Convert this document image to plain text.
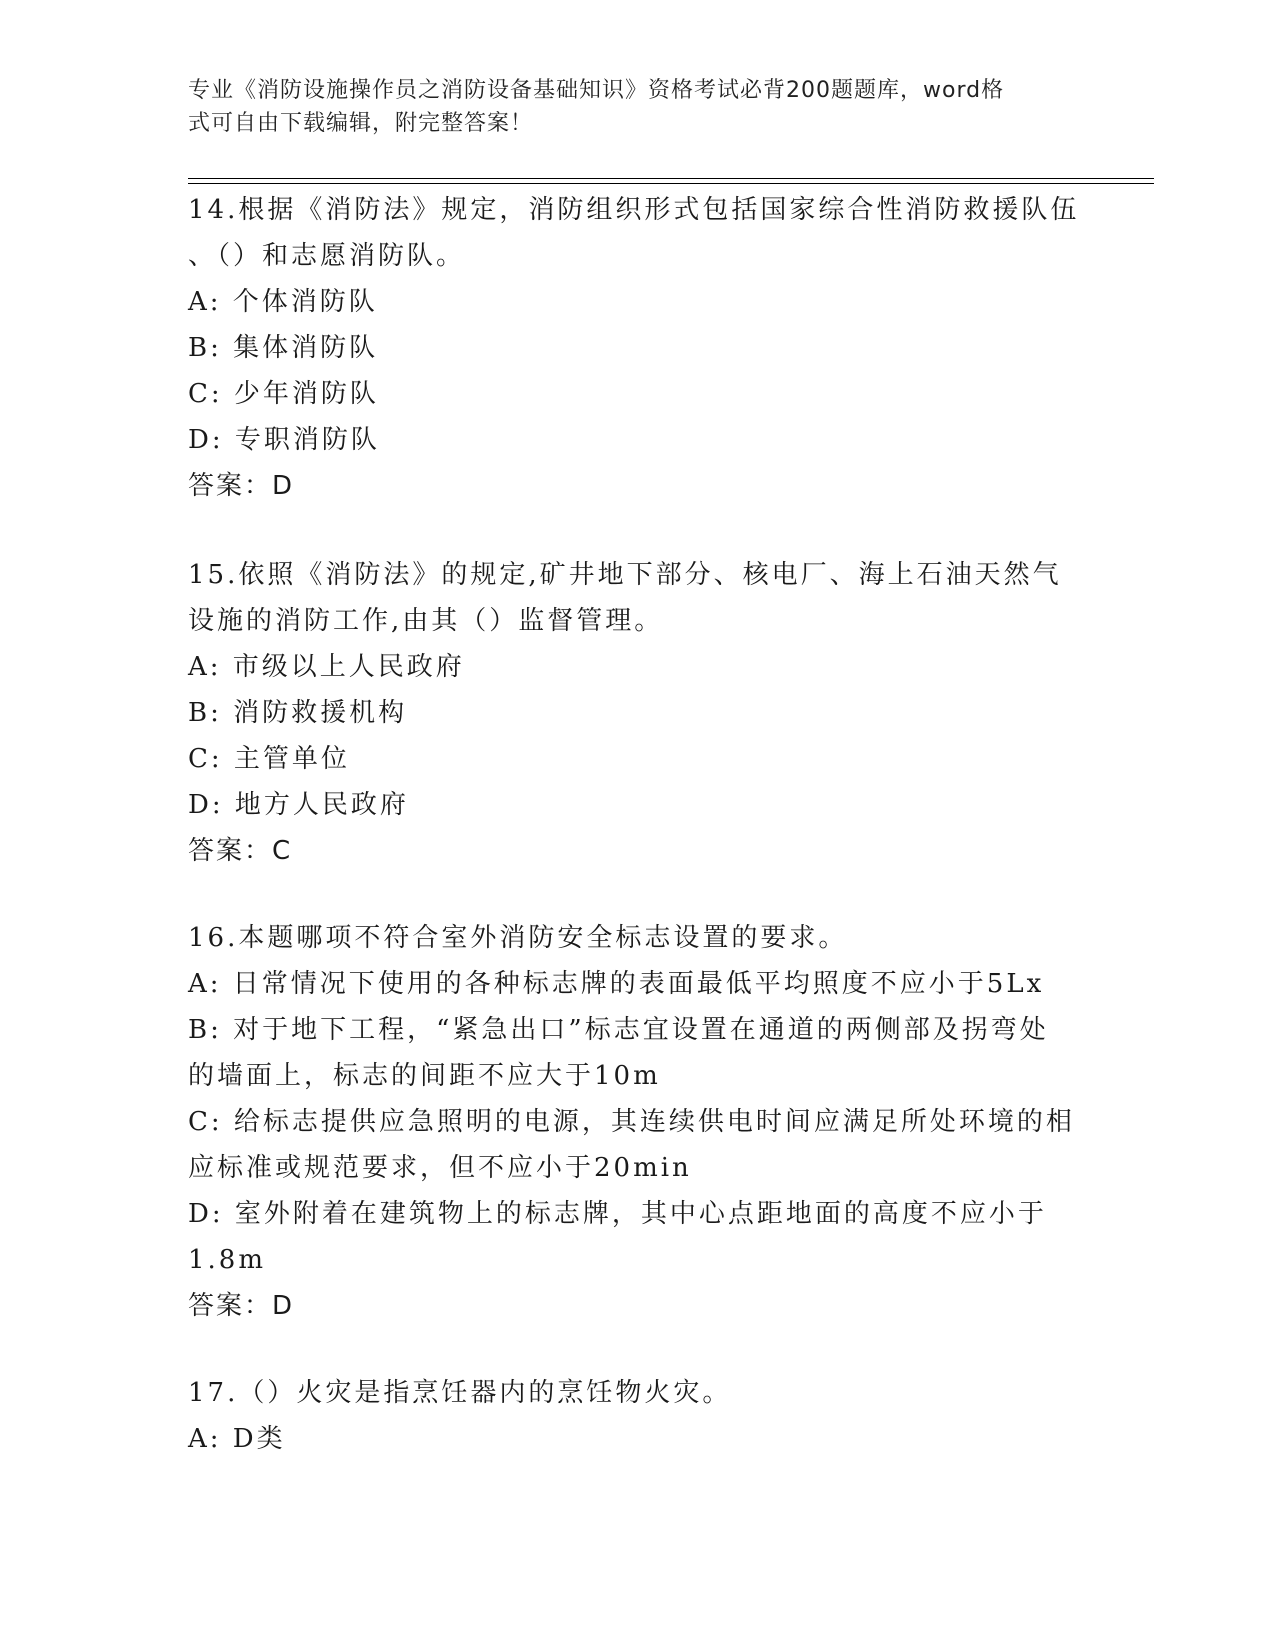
专业《消防设施操作员之消防设备基础知识》资格考试必背200题题库，word格

式可自由下载编辑，附完整答案！

14.根据《消防法》规定，消防组织形式包括国家综合性消防救援队伍

、（）和志愿消防队。

A: 个体消防队

B: 集体消防队

C: 少年消防队

D: 专职消防队

答案：D

15.依照《消防法》的规定,矿井地下部分、核电厂、海上石油天然气

设施的消防工作,由其（）监督管理。

A: 市级以上人民政府

B: 消防救援机构

C: 主管单位

D: 地方人民政府

答案：C

16.本题哪项不符合室外消防安全标志设置的要求。

A: 日常情况下使用的各种标志牌的表面最低平均照度不应小于5Lx

B: 对于地下工程，“紧急出口”标志宜设置在通道的两侧部及拐弯处

的墙面上，标志的间距不应大于10m

C: 给标志提供应急照明的电源，其连续供电时间应满足所处环境的相

应标准或规范要求，但不应小于20min

D: 室外附着在建筑物上的标志牌，其中心点距地面的高度不应小于

1.8m

答案：D

17.（）火灾是指烹饪器内的烹饪物火灾。

A: D类
